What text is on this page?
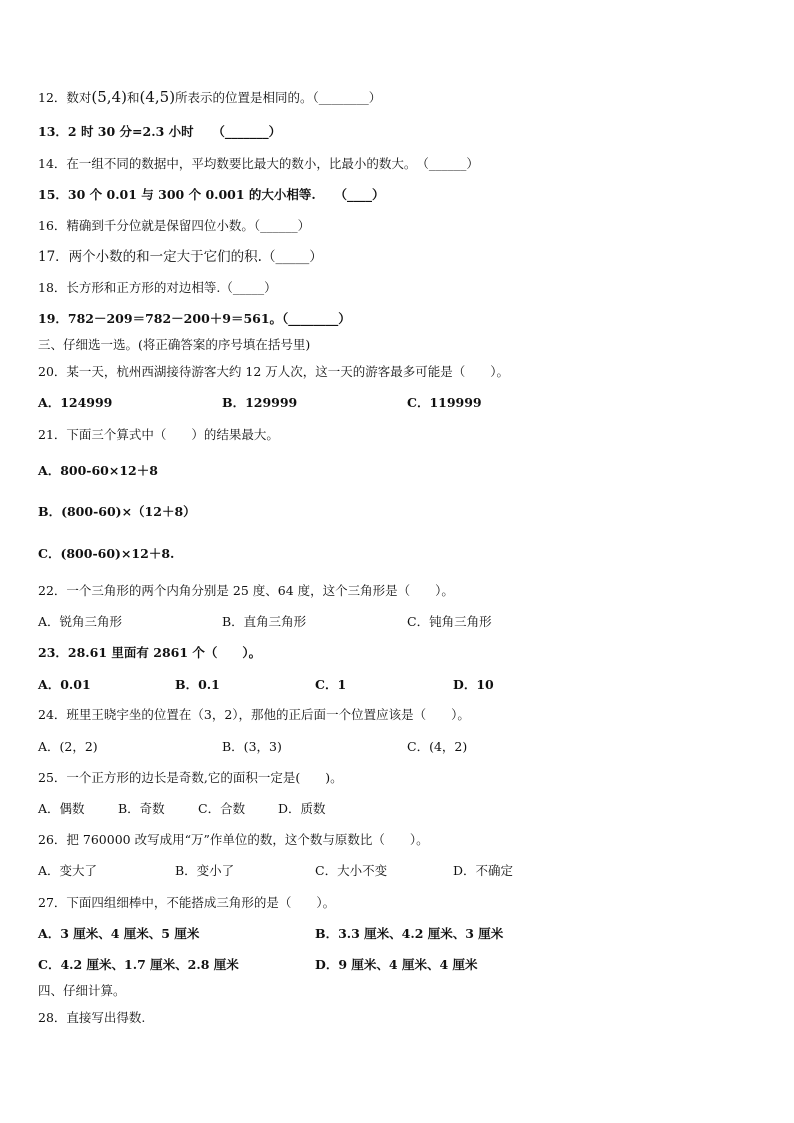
12．数对(5,4)和(4,5)所表示的位置是相同的。（________）
13．2 时 30 分=2.3 小时　　（_______）
14．在一组不同的数据中，平均数要比最大的数小，比最小的数大。　（______）
15．30 个 0.01 与 300 个 0.001 的大小相等.　　（____）
16．精确到千分位就是保留四位小数。（______）
17．两个小数的和一定大于它们的积.（_____）
18．长方形和正方形的对边相等.（_____）
19．782－209＝782－200＋9＝561。（________）
三、仔细选一选。(将正确答案的序号填在括号里)
20．某一天，杭州西湖接待游客大约 12 万人次，这一天的游客最多可能是（　　）。
A．124999	B．129999	C．119999
21．下面三个算式中（　　）的结果最大。
A．800-60×12＋8
B．(800-60)×（12＋8）
C．(800-60)×12＋8.
22．一个三角形的两个内角分别是 25 度、64 度，这个三角形是（　　）。
A．锐角三角形	B．直角三角形	C．钝角三角形
23．28.61 里面有 2861 个（　　）。
A．0.01	B．0.1	C．1	D．10
24．班里王晓宇坐的位置在（3，2），那他的正后面一个位置应该是（　　）。
A．(2，2)	B．(3，3)	C．(4，2)
25．一个正方形的边长是奇数,它的面积一定是(　　)。
A．偶数	B．奇数	C．合数	D．质数
26．把 760000 改写成用“万”作单位的数，这个数与原数比（　　）。
A．变大了	B．变小了	C．大小不变	D．不确定
27．下面四组细棒中，不能搭成三角形的是（　　）。
A．3 厘米、4 厘米、5 厘米	B．3.3 厘米、4.2 厘米、3 厘米
C．4.2 厘米、1.7 厘米、2.8 厘米	D．9 厘米、4 厘米、4 厘米
四、仔细计算。
28．直接写出得数.
